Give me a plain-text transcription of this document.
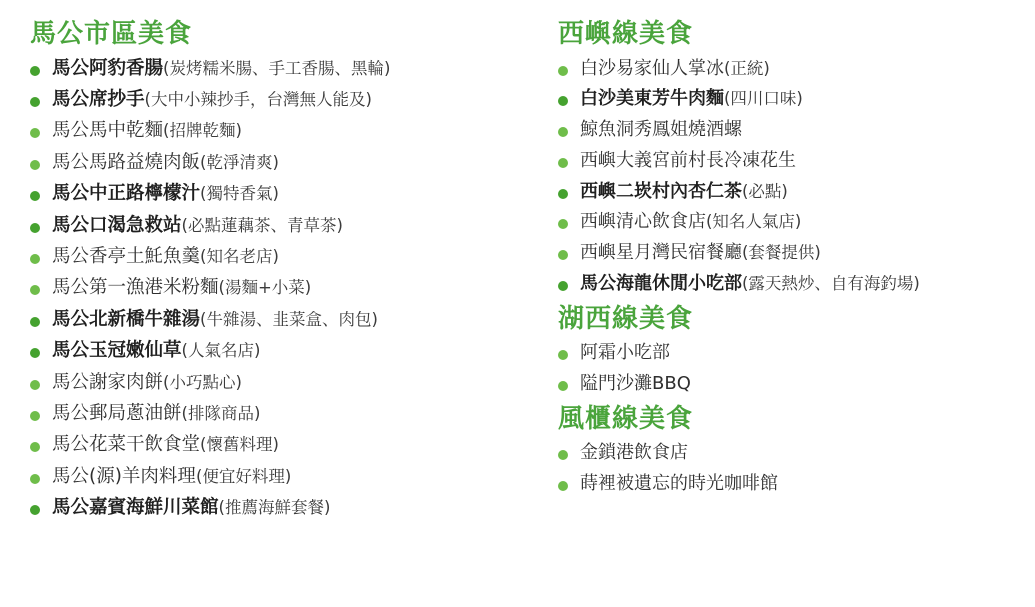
馬公市區美食
馬公阿豹香腸(炭烤糯米腸、手工香腸、黑輪)
馬公席抄手(大中小辣抄手，台灣無人能及)
馬公馬中乾麵(招牌乾麵)
馬公馬路益燒肉飯(乾淨清爽)
馬公中正路檸檬汁(獨特香氣)
馬公口渴急救站(必點蓮藕茶、青草茶)
馬公香亭土魠魚羹(知名老店)
馬公第一漁港米粉麵(湯麵+小菜)
馬公北新橋牛雜湯(牛雜湯、韭菜盒、肉包)
馬公玉冠嫩仙草(人氣名店)
馬公謝家肉餅(小巧點心)
馬公郵局蔥油餅(排隊商品)
馬公花菜干飲食堂(懷舊料理)
馬公(源)羊肉料理(便宜好料理)
馬公嘉賓海鮮川菜館(推薦海鮮套餐)
西嶼線美食
白沙易家仙人掌冰(正統)
白沙美東芳牛肉麵(四川口味)
鯨魚洞秀鳳姐燒酒螺
西嶼大義宮前村長冷凍花生
西嶼二崁村內杏仁茶(必點)
西嶼清心飲食店(知名人氣店)
西嶼星月灣民宿餐廳(套餐提供)
馬公海龍休閒小吃部(露天熱炒、自有海釣場)
湖西線美食
阿霜小吃部
隘門沙灘BBQ
風櫃線美食
金鎖港飲食店
蒔裡被遺忘的時光咖啡館
